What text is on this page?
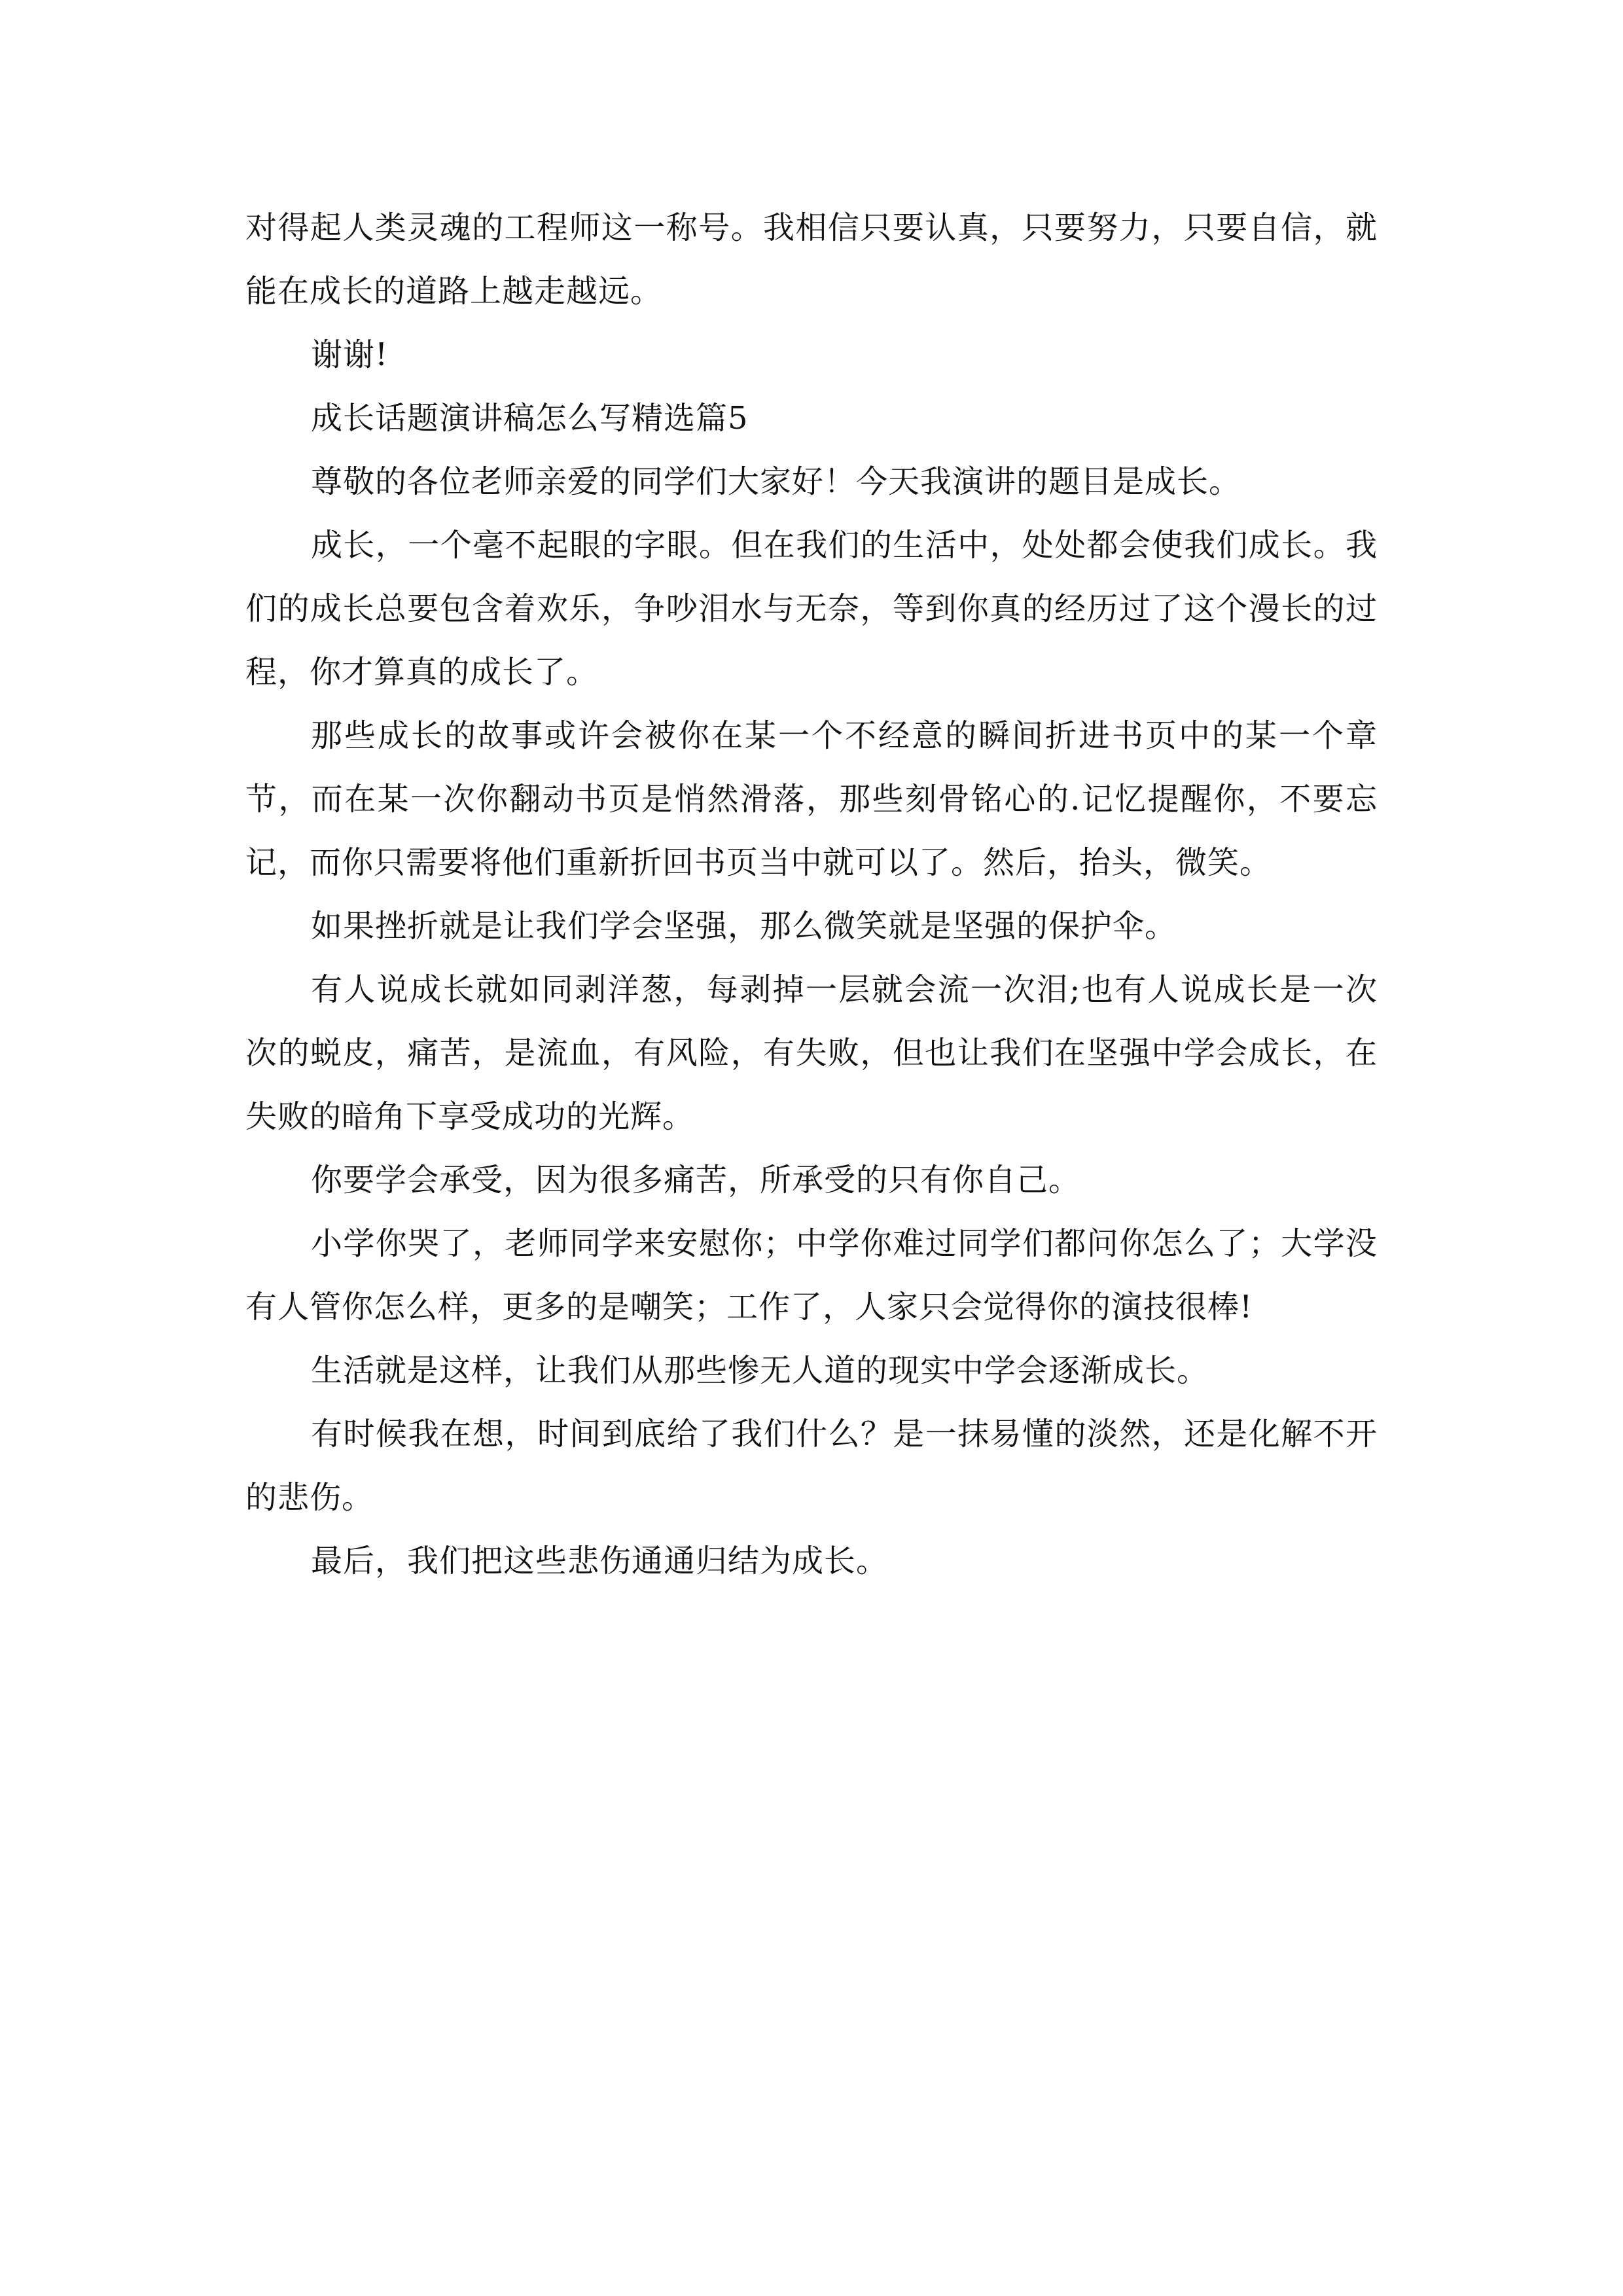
对得起人类灵魂的工程师这一称号。我相信只要认真，只要努力，只要自信，就能在成长的道路上越走越远。

谢谢!

成长话题演讲稿怎么写精选篇5

尊敬的各位老师亲爱的同学们大家好！今天我演讲的题目是成长。

成长，一个毫不起眼的字眼。但在我们的生活中，处处都会使我们成长。我们的成长总要包含着欢乐，争吵泪水与无奈，等到你真的经历过了这个漫长的过程，你才算真的成长了。

那些成长的故事或许会被你在某一个不经意的瞬间折进书页中的某一个章节，而在某一次你翻动书页是悄然滑落，那些刻骨铭心的.记忆提醒你，不要忘记，而你只需要将他们重新折回书页当中就可以了。然后，抬头，微笑。

如果挫折就是让我们学会坚强，那么微笑就是坚强的保护伞。

有人说成长就如同剥洋葱，每剥掉一层就会流一次泪;也有人说成长是一次次的蜕皮，痛苦，是流血，有风险，有失败，但也让我们在坚强中学会成长，在失败的暗角下享受成功的光辉。

你要学会承受，因为很多痛苦，所承受的只有你自己。

小学你哭了，老师同学来安慰你；中学你难过同学们都问你怎么了；大学没有人管你怎么样，更多的是嘲笑；工作了，人家只会觉得你的演技很棒!

生活就是这样，让我们从那些惨无人道的现实中学会逐渐成长。

有时候我在想，时间到底给了我们什么？是一抹易懂的淡然，还是化解不开的悲伤。

最后，我们把这些悲伤通通归结为成长。
